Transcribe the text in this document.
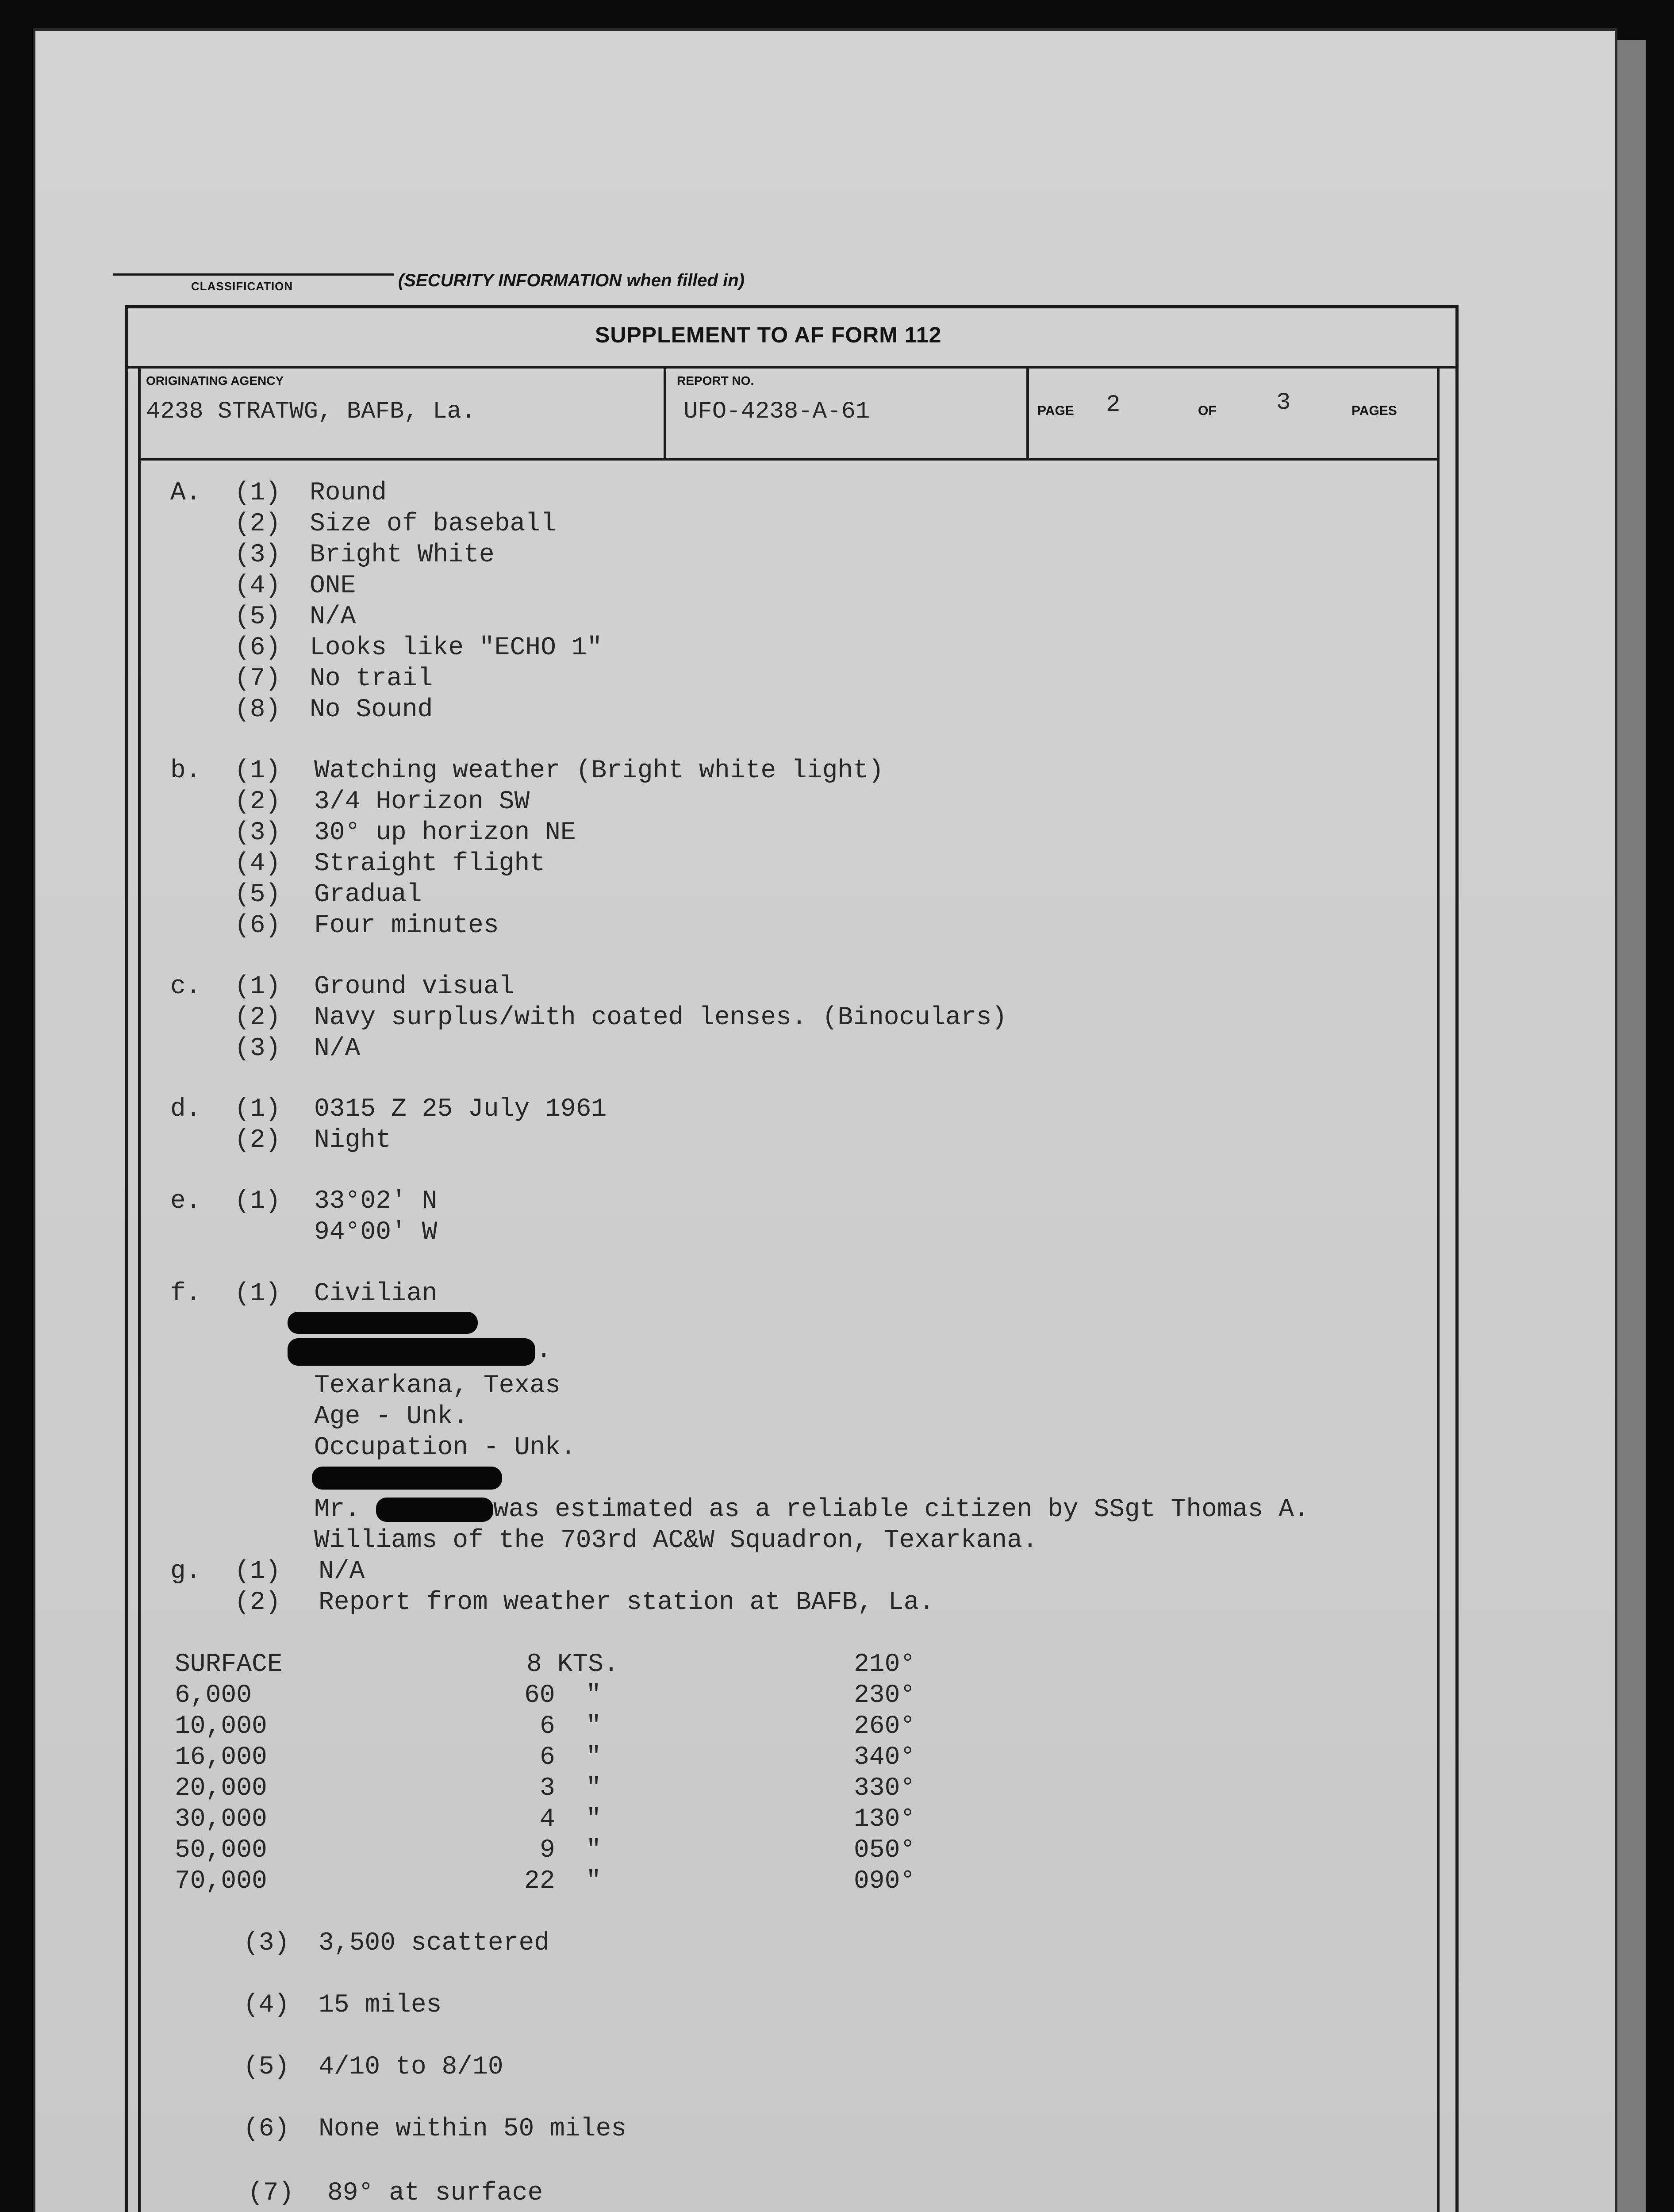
CLASSIFICATION	(SECURITY INFORMATION when filled in)
SUPPLEMENT TO AF FORM 112
ORIGINATING AGENCY
4238 STRATWG, BAFB, La.
REPORT NO.
UFO-4238-A-61	PAGE 2	OF	3	PAGES
A. (1) Round
(2) Size of baseball
(3) Bright White
(4) ONE
(5) N/A
(6) Looks like "ECHO 1"
(7) No trail
(8) No Sound
b. (1) Watching weather (Bright white light)
(2) 3/4 Horizon SW
(3) 30° up horizon NE
(4) Straight flight
(5) Gradual
(6) Four minutes
c. (1) Ground visual
(2) Navy surplus/with coated lenses. (Binoculars)
(3) N/A
d. (1) 0315 Z 25 July 1961
(2) Night
e. (1) 33°02' N
94°00' W
f. (1) Civilian
.
Texarkana, Texas
Age - Unk.
Occupation - Unk.
Mr.	was estimated as a reliable citizen by SSgt Thomas A.
Williams of the 703rd AC&W Squadron, Texarkana.
g. (1) N/A
(2) Report from weather station at BAFB, La.
SURFACE	8 KTS.	210°
6,000	60  "	230°
10,000	6  "	260°
16,000	6  "	340°
20,000	3  "	330°
30,000	4  "	130°
50,000	9  "	050°
70,000	22  "	090°
(3) 3,500 scattered
(4) 15 miles
(5) 4/10 to 8/10
(6) None within 50 miles
(7) 89° at surface
